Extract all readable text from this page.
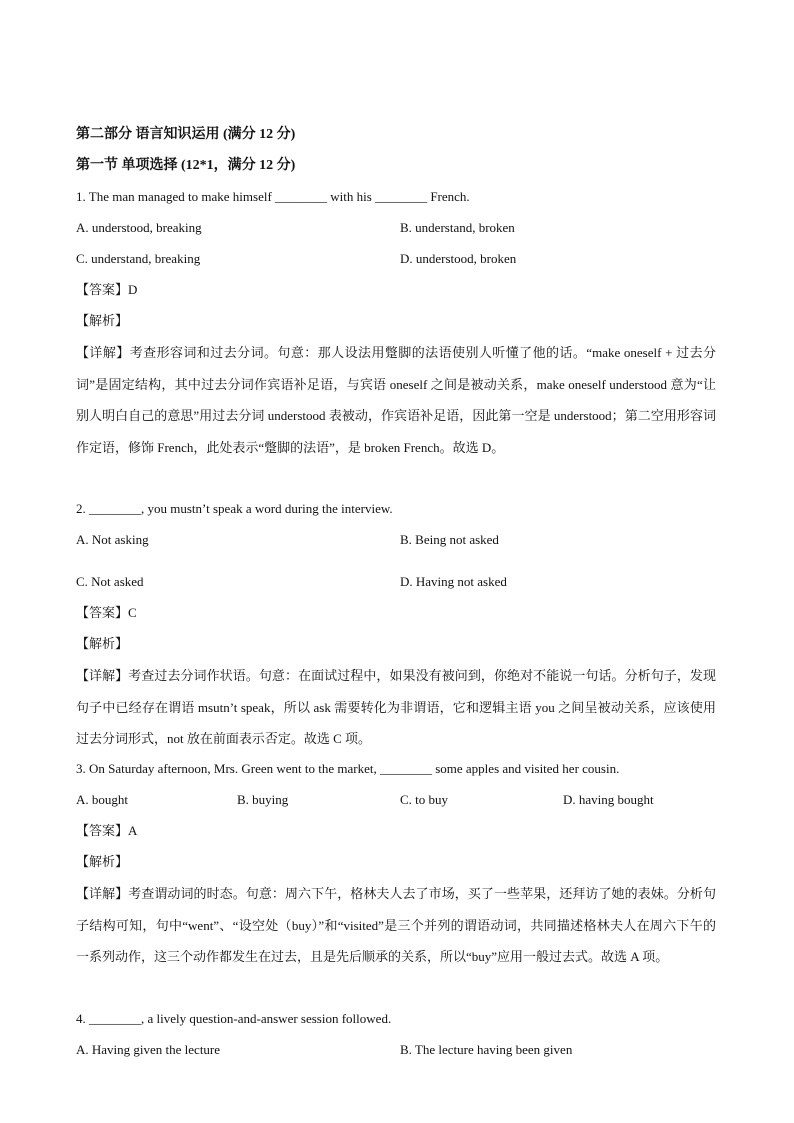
第二部分 语言知识运用 (满分 12 分)
第一节 单项选择 (12*1，满分 12 分)
1. The man managed to make himself ________ with his ________ French.
A. understood, breaking	B. understand, broken
C. understand, breaking	D. understood, broken
【答案】D
【解析】
【详解】考查形容词和过去分词。句意：那人设法用蹩脚的法语使别人听懂了他的话。“make oneself + 过去分词”是固定结构，其中过去分词作宾语补足语，与宾语 oneself 之间是被动关系，make oneself understood 意为“让别人明白自己的意思”用过去分词 understood 表被动，作宾语补足语，因此第一空是 understood；第二空用形容词作定语，修饰 French，此处表示“蹩脚的法语”，是 broken French。故选 D。
2. ________, you mustn’t speak a word during the interview.
A. Not asking	B. Being not asked
C. Not asked	D. Having not asked
【答案】C
【解析】
【详解】考查过去分词作状语。句意：在面试过程中，如果没有被问到，你绝对不能说一句话。分析句子，发现句子中已经存在谓语 msutn’t speak，所以 ask 需要转化为非谓语，它和逻辑主语 you 之间呈被动关系，应该使用过去分词形式，not 放在前面表示否定。故选 C 项。
3. On Saturday afternoon, Mrs. Green went to the market, ________ some apples and visited her cousin.
A. bought	B. buying	C. to buy	D. having bought
【答案】A
【解析】
【详解】考查谓动词的时态。句意：周六下午，格林夫人去了市场，买了一些苹果，还拜访了她的表妹。分析句子结构可知，句中“went”、“设空处（buy）”和“visited”是三个并列的谓语动词，共同描述格林夫人在周六下午的一系列动作，这三个动作都发生在过去，且是先后顺承的关系，所以“buy”应用一般过去式。故选 A 项。
4. ________, a lively question-and-answer session followed.
A. Having given the lecture	B. The lecture having been given
